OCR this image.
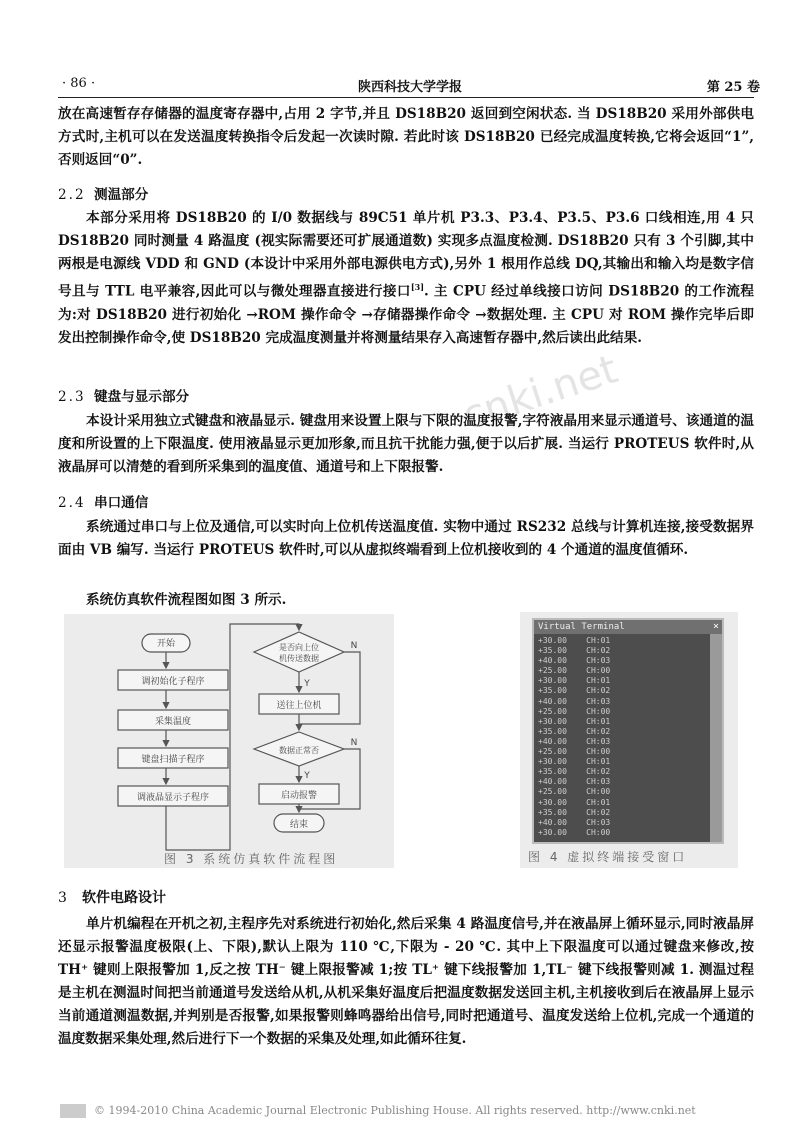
· 86 ·	陕西科技大学学报	第 25 卷
cnki.net

放在高速暂存存储器的温度寄存器中,占用 2 字节,并且 DS18B20 返回到空闲状态. 当 DS18B20 采用外部供电方式时,主机可以在发送温度转换指令后发起一次读时隙. 若此时该 DS18B20 已经完成温度转换,它将会返回“1”,否则返回“0”.

2.2 测温部分

本部分采用将 DS18B20 的 I/0 数据线与 89C51 单片机 P3.3、P3.4、P3.5、P3.6 口线相连,用 4 只 DS18B20 同时测量 4 路温度 (视实际需要还可扩展通道数) 实现多点温度检测. DS18B20 只有 3 个引脚,其中两根是电源线 VDD 和 GND (本设计中采用外部电源供电方式),另外 1 根用作总线 DQ,其输出和输入均是数字信号且与 TTL 电平兼容,因此可以与微处理器直接进行接口[3]. 主 CPU 经过单线接口访问 DS18B20 的工作流程为:对 DS18B20 进行初始化 →ROM 操作命令 →存储器操作命令 →数据处理. 主 CPU 对 ROM 操作完毕后即发出控制操作命令,使 DS18B20 完成温度测量并将测量结果存入高速暂存器中,然后读出此结果.

2.3 键盘与显示部分

本设计采用独立式键盘和液晶显示. 键盘用来设置上限与下限的温度报警,字符液晶用来显示通道号、该通道的温度和所设置的上下限温度. 使用液晶显示更加形象,而且抗干扰能力强,便于以后扩展. 当运行 PROTEUS 软件时,从液晶屏可以清楚的看到所采集到的温度值、通道号和上下限报警.

2.4 串口通信

系统通过串口与上位及通信,可以实时向上位机传送温度值. 实物中通过 RS232 总线与计算机连接,接受数据界面由 VB 编写. 当运行 PROTEUS 软件时,可以从虚拟终端看到上位机接收到的 4 个通道的温度值循环.

系统仿真软件流程图如图 3 所示.

开始
调初始化子程序
采集温度
键盘扫描子程序
调液晶显示子程序
是否向上位
机传送数据
送往上位机
数据正常否
启动报警
结束
Y
N
Y
N
图 3 系统仿真软件流程图
Virtual Terminal	×
+30.00    CH:01
+35.00    CH:02
+40.00    CH:03
+25.00    CH:00
+30.00    CH:01
+35.00    CH:02
+40.00    CH:03
+25.00    CH:00
+30.00    CH:01
+35.00    CH:02
+40.00    CH:03
+25.00    CH:00
+30.00    CH:01
+35.00    CH:02
+40.00    CH:03
+25.00    CH:00
+30.00    CH:01
+35.00    CH:02
+40.00    CH:03
+30.00    CH:00
图 4 虚拟终端接受窗口
3 软件电路设计

单片机编程在开机之初,主程序先对系统进行初始化,然后采集 4 路温度信号,并在液晶屏上循环显示,同时液晶屏还显示报警温度极限(上、下限),默认上限为 110 ℃,下限为 - 20 ℃. 其中上下限温度可以通过键盘来修改,按 TH⁺ 键则上限报警加 1,反之按 TH⁻ 键上限报警减 1;按 TL⁺ 键下线报警加 1,TL⁻ 键下线报警则减 1. 测温过程是主机在测温时间把当前通道号发送给从机,从机采集好温度后把温度数据发送回主机,主机接收到后在液晶屏上显示当前通道测温数据,并判别是否报警,如果报警则蜂鸣器给出信号,同时把通道号、温度发送给上位机,完成一个通道的温度数据采集处理,然后进行下一个数据的采集及处理,如此循环往复.

© 1994-2010 China Academic Journal Electronic Publishing House. All rights reserved. http://www.cnki.net
